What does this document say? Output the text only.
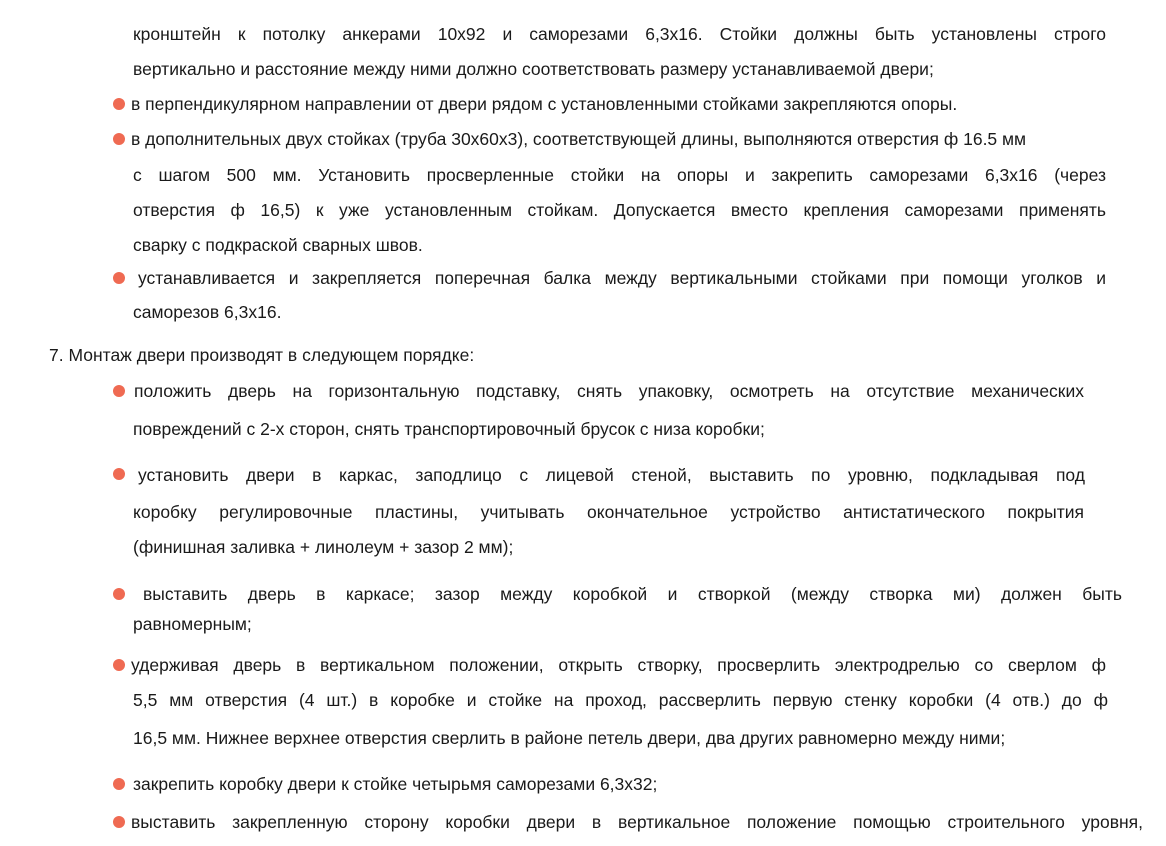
кронштейн к потолку анкерами 10х92 и саморезами 6,3х16. Стойки должны быть установлены строго
вертикально и расстояние между ними должно соответствовать размеру устанавливаемой двери;
в перпендикулярном направлении от двери рядом с установленными стойками закрепляются опоры.
в дополнительных двух стойках (труба 30х60х3), соответствующей длины, выполняются отверстия ф 16.5 мм
с шагом 500 мм. Установить просверленные стойки на опоры и закрепить саморезами 6,3х16 (через
отверстия ф 16,5) к уже установленным стойкам. Допускается вместо крепления саморезами применять
сварку с подкраской сварных швов.
устанавливается и закрепляется поперечная балка между вертикальными стойками при помощи уголков и
саморезов 6,3х16.
7. Монтаж двери производят в следующем порядке:
положить дверь на горизонтальную подставку, снять упаковку, осмотреть на отсутствие механических
повреждений с 2-х сторон, снять транспортировочный брусок с низа коробки;
установить двери в каркас, заподлицо с лицевой стеной, выставить по уровню, подкладывая под
коробку регулировочные пластины, учитывать окончательное устройство антистатического покрытия
(финишная заливка + линолеум + зазор 2 мм);
выставить дверь в каркасе; зазор между коробкой и створкой (между створка ми) должен быть
равномерным;
удерживая дверь в вертикальном положении, открыть створку, просверлить электродрелью со сверлом ф
5,5 мм отверстия (4 шт.) в коробке и стойке на проход, рассверлить первую стенку коробки (4 отв.) до ф
16,5 мм. Нижнее верхнее отверстия сверлить в районе петель двери, два других равномерно между ними;
закрепить коробку двери к стойке четырьмя саморезами 6,3х32;
выставить закрепленную сторону коробки двери в вертикальное положение помощью строительного уровня,
